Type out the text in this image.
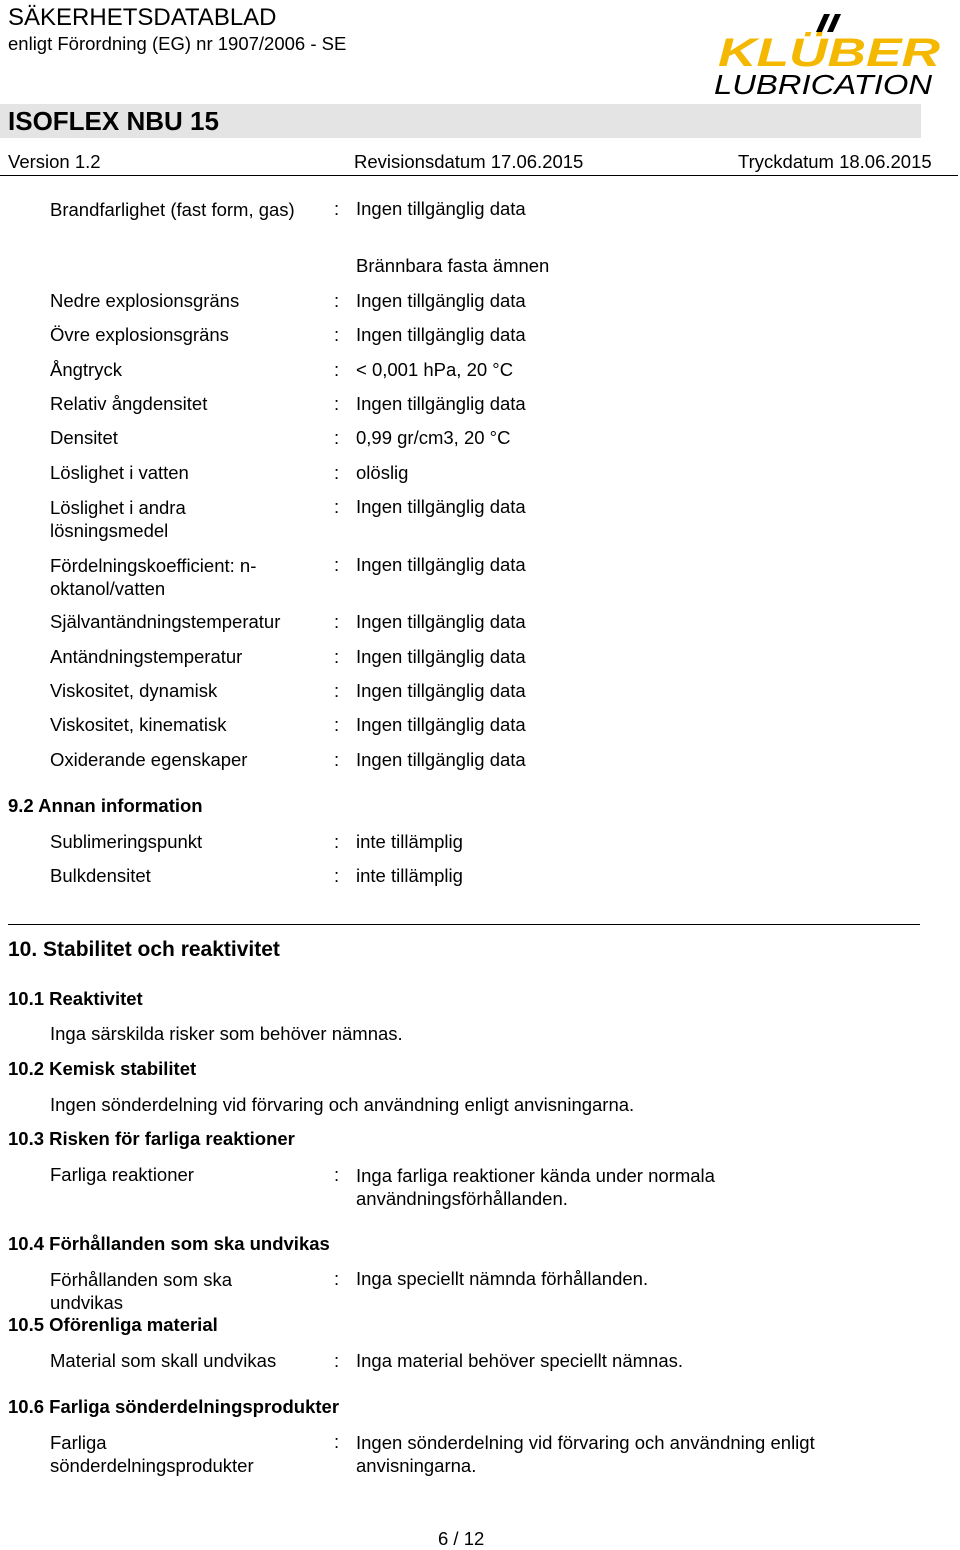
SÄKERHETSDATABLAD
enligt Förordning (EG) nr 1907/2006 - SE	KLÜBER
LUBRICATION
ISOFLEX NBU 15
Version 1.2	Revisionsdatum 17.06.2015	Tryckdatum 18.06.2015
Brandfarlighet (fast form, gas)	: Ingen tillgänglig data
Brännbara fasta ämnen
Nedre explosionsgräns	: Ingen tillgänglig data
Övre explosionsgräns	: Ingen tillgänglig data
Ångtryck	: < 0,001 hPa, 20 °C
Relativ ångdensitet	: Ingen tillgänglig data
Densitet	: 0,99 gr/cm3, 20 °C
Löslighet i vatten	: olöslig
Löslighet i andra lösningsmedel
: Ingen tillgänglig data
Fördelningskoefficient: n-oktanol/vatten
: Ingen tillgänglig data
Självantändningstemperatur	: Ingen tillgänglig data
Antändningstemperatur	: Ingen tillgänglig data
Viskositet, dynamisk	: Ingen tillgänglig data
Viskositet, kinematisk	: Ingen tillgänglig data
Oxiderande egenskaper	: Ingen tillgänglig data
9.2 Annan information
Sublimeringspunkt	: inte tillämplig
Bulkdensitet	: inte tillämplig
10. Stabilitet och reaktivitet
10.1 Reaktivitet
Inga särskilda risker som behöver nämnas.
10.2 Kemisk stabilitet
Ingen sönderdelning vid förvaring och användning enligt anvisningarna.
10.3 Risken för farliga reaktioner
Farliga reaktioner	: Inga farliga reaktioner kända under normala användningsförhållanden.
10.4 Förhållanden som ska undvikas
Förhållanden som ska undvikas
: Inga speciellt nämnda förhållanden.
10.5 Oförenliga material
Material som skall undvikas	: Inga material behöver speciellt nämnas.
10.6 Farliga sönderdelningsprodukter
Farliga sönderdelningsprodukter
: Ingen sönderdelning vid förvaring och användning enligt anvisningarna.
6 / 12
